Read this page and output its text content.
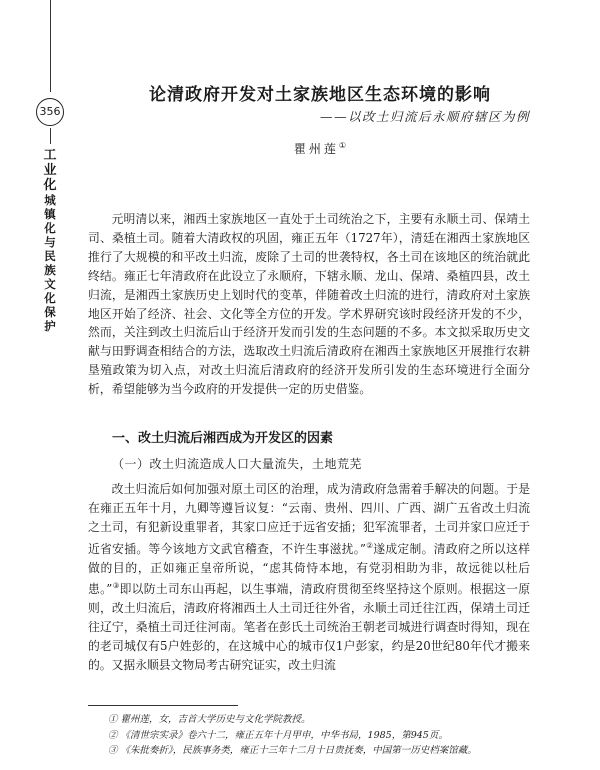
356
工业化
城镇化与民族文化保护
论清政府开发对土家族地区生态环境的影响
——以改土归流后永顺府辖区为例
瞿州莲①

元明清以来，湘西土家族地区一直处于土司统治之下，主要有永顺土司、保靖土司、桑植土司。随着大清政权的巩固，雍正五年（1727年），清廷在湘西土家族地区推行了大规模的和平改土归流，废除了土司的世袭特权，各土司在该地区的统治就此终结。雍正七年清政府在此设立了永顺府，下辖永顺、龙山、保靖、桑植四县，改土归流，是湘西土家族历史上划时代的变革，伴随着改土归流的进行，清政府对土家族地区开始了经济、社会、文化等全方位的开发。学术界研究该时段经济开发的不少，然而，关注到改土归流后山于经济开发而引发的生态问题的不多。本文拟采取历史文献与田野调查相结合的方法，选取改土归流后清政府在湘西土家族地区开展推行农耕垦殖政策为切入点，对改土归流后清政府的经济开发所引发的生态环境进行全面分析，希望能够为当今政府的开发提供一定的历史借鉴。

一、改土归流后湘西成为开发区的因素
（一）改土归流造成人口大量流失，土地荒芜

改土归流后如何加强对原土司区的治理，成为清政府急需着手解决的问题。于是在雍正五年十月，九卿等遵旨议复：“云南、贵州、四川、广西、湖广五省改土归流之土司，有犯新设重罪者，其家口应迁于远省安插；犯军流罪者，土司并家口应迁于近省安插。等今该地方文武官稽查，不许生事滋扰。”②遂成定制。清政府之所以这样做的目的，正如雍正皇帝所说，“虑其倚恃本地，有党羽相助为非，故远徙以杜后患。”③即以防土司东山再起，以生事端，清政府贯彻至终坚持这个原则。根据这一原则，改土归流后，清政府将湘西土人土司迁往外省，永顺土司迁往江西，保靖土司迁往辽宁，桑植土司迁往河南。笔者在彭氏土司统治王朝老司城进行调查时得知，现在的老司城仅有5户姓彭的，在这城中心的城市仅1户彭家，约是20世纪80年代才搬来的。又据永顺县文物局考古研究证实，改土归流

① 瞿州莲，女，吉首大学历史与文化学院教授。
② 《清世宗实录》卷六十二，雍正五年十月甲申，中华书局，1985，第945页。
③ 《朱批奏折》，民族事务类，雍正十三年十二月十日贵抚奏，中国第一历史档案馆藏。
